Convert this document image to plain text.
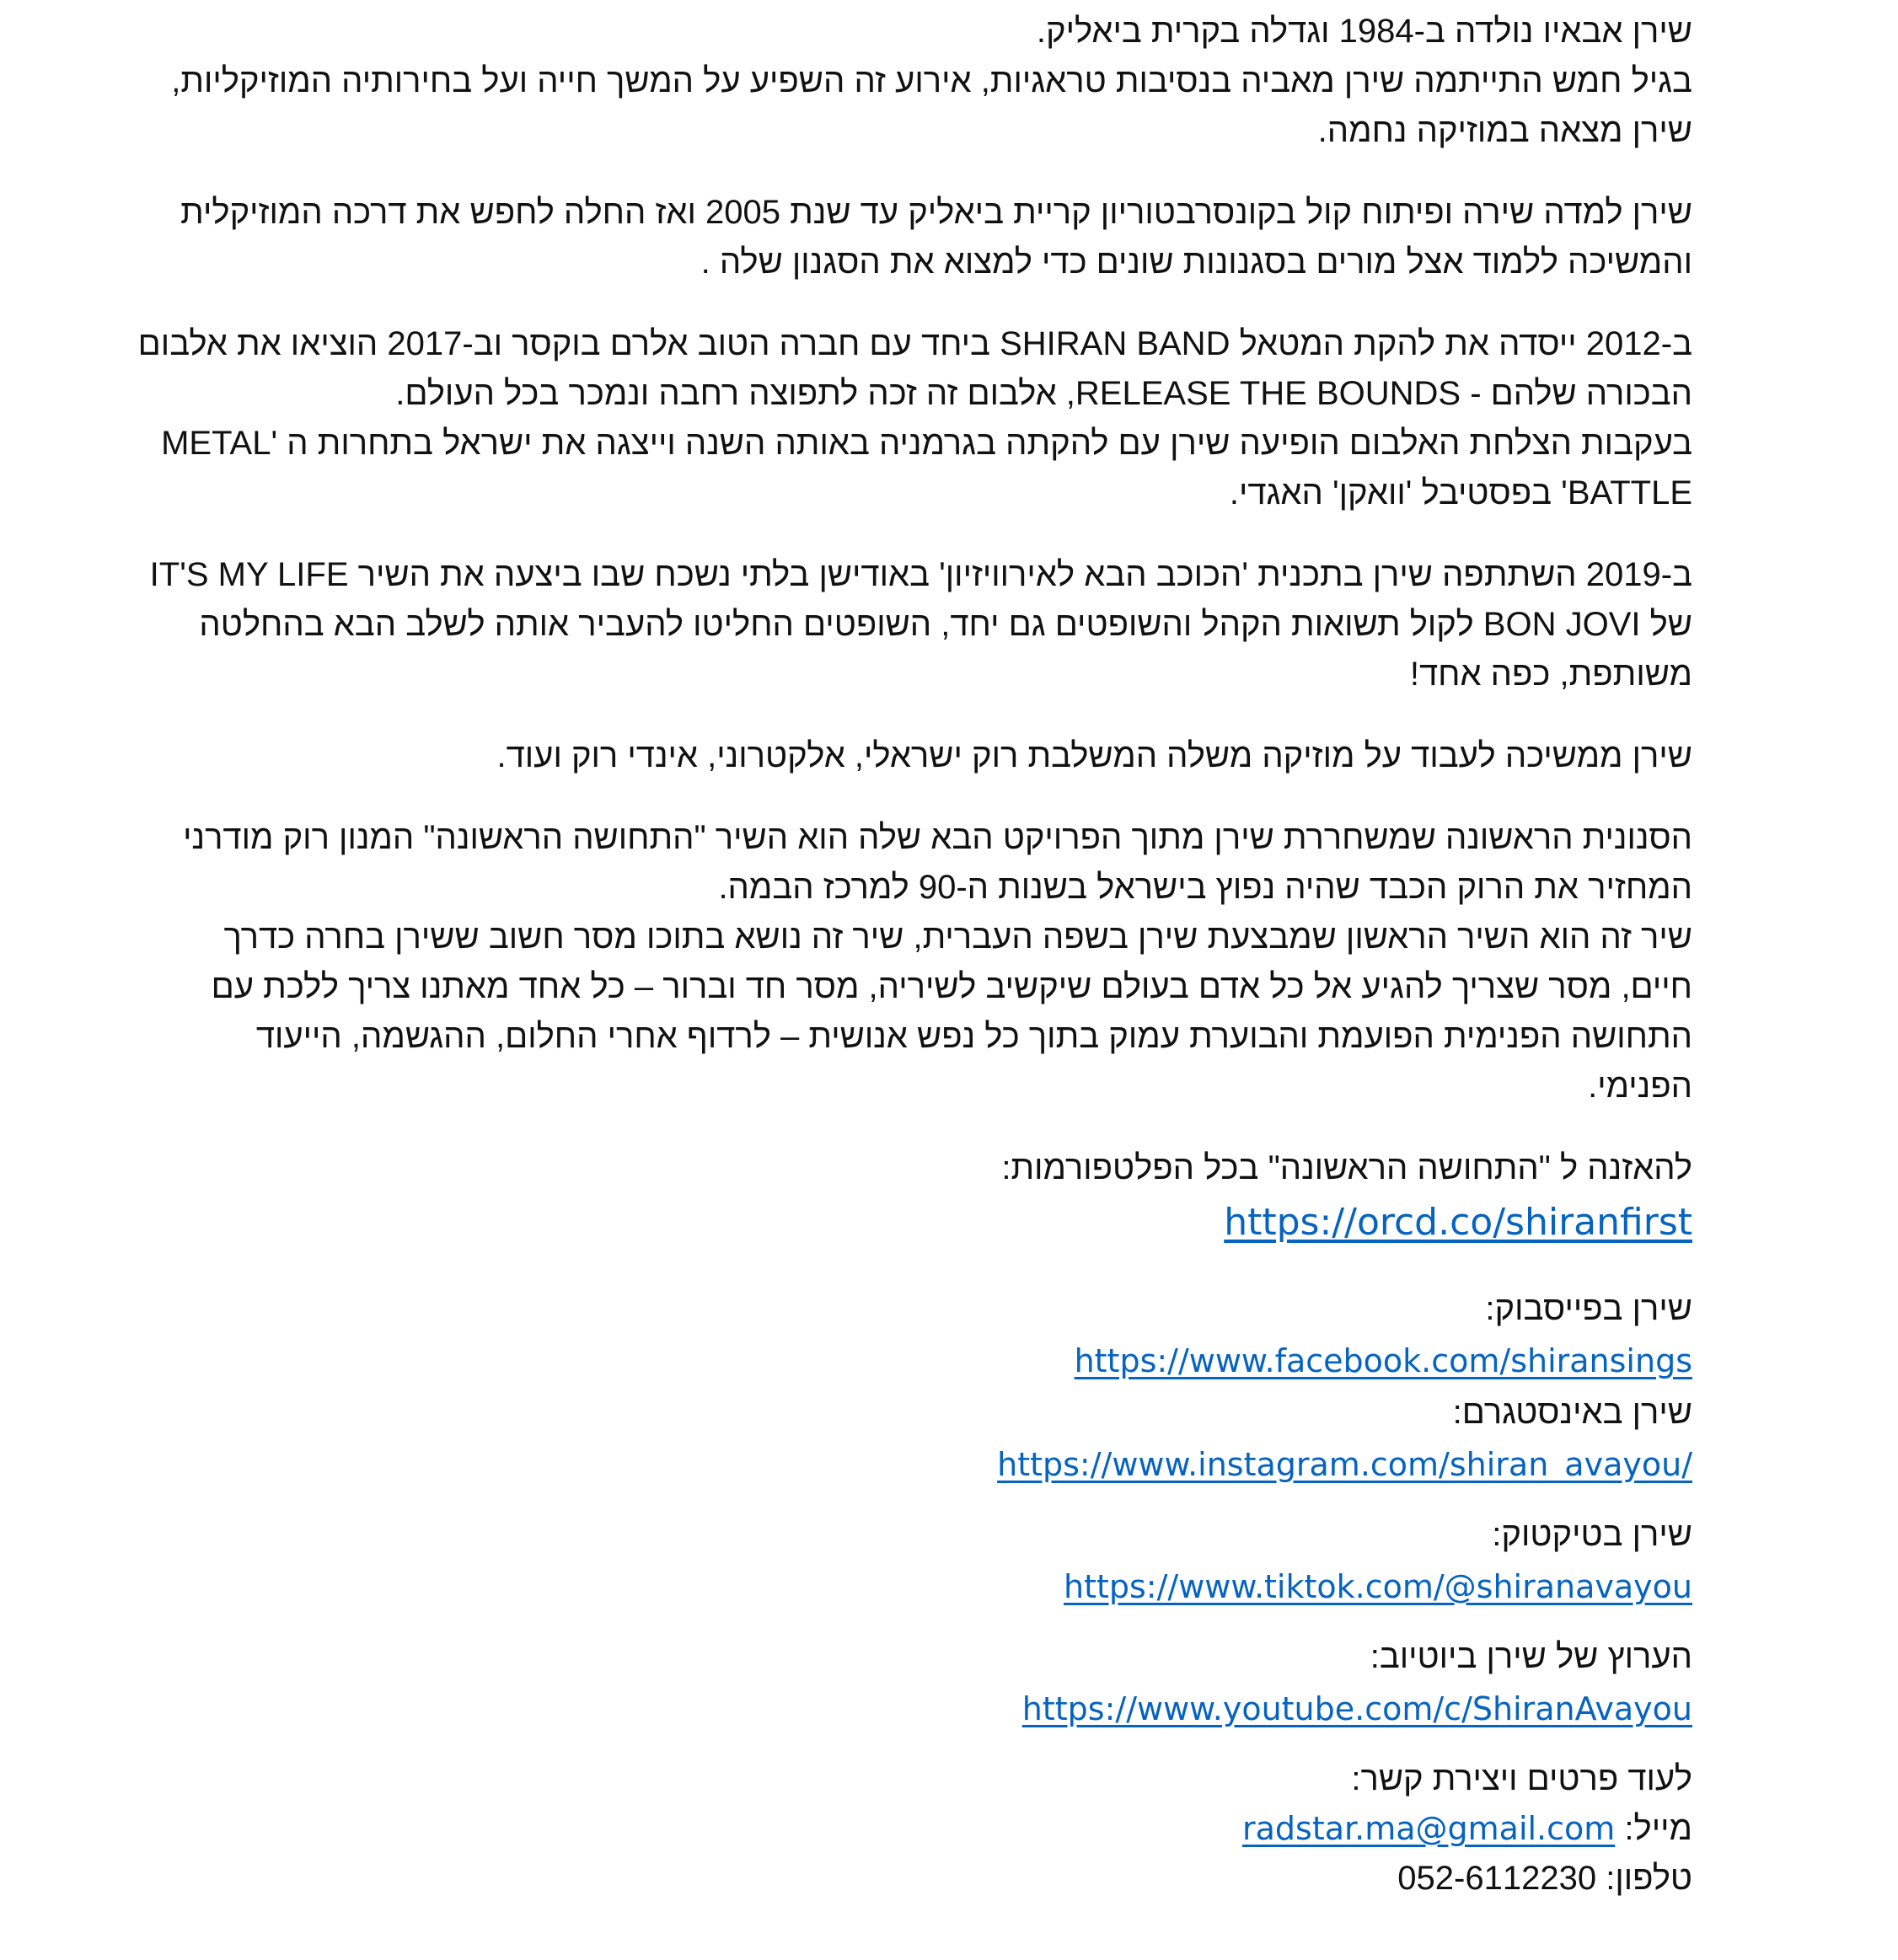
שירן אבאיו נולדה ב-1984 וגדלה בקרית ביאליק.
בגיל חמש התייתמה שירן מאביה בנסיבות טראגיות, אירוע זה השפיע על המשך חייה ועל בחירותיה המוזיקליות,
שירן מצאה במוזיקה נחמה.

שירן למדה שירה ופיתוח קול בקונסרבטוריון קריית ביאליק עד שנת 2005 ואז החלה לחפש את דרכה המוזיקלית
והמשיכה ללמוד אצל מורים בסגנונות שונים כדי למצוא את הסגנון שלה .

ב-2012 ייסדה את להקת המטאל SHIRAN BAND ביחד עם חברה הטוב אלרם בוקסר וב-2017 הוציאו את אלבום
הבכורה שלהם - RELEASE THE BOUNDS, אלבום זה זכה לתפוצה רחבה ונמכר בכל העולם.
בעקבות הצלחת האלבום הופיעה שירן עם להקתה בגרמניה באותה השנה וייצגה את ישראל בתחרות ה 'METAL
BATTLE' בפסטיבל 'וואקן' האגדי.

ב-2019 השתתפה שירן בתכנית 'הכוכב הבא לאירוויזיון' באודישן בלתי נשכח שבו ביצעה את השיר IT'S MY LIFE
של BON JOVI לקול תשואות הקהל והשופטים גם יחד, השופטים החליטו להעביר אותה לשלב הבא בהחלטה
משותפת, כפה אחד!

שירן ממשיכה לעבוד על מוזיקה משלה המשלבת רוק ישראלי, אלקטרוני, אינדי רוק ועוד.

הסנונית הראשונה שמשחררת שירן מתוך הפרויקט הבא שלה הוא השיר "התחושה הראשונה" המנון רוק מודרני
המחזיר את הרוק הכבד שהיה נפוץ בישראל בשנות ה-90 למרכז הבמה.
שיר זה הוא השיר הראשון שמבצעת שירן בשפה העברית, שיר זה נושא בתוכו מסר חשוב ששירן בחרה כדרך
חיים, מסר שצריך להגיע אל כל אדם בעולם שיקשיב לשיריה, מסר חד וברור – כל אחד מאתנו צריך ללכת עם
התחושה הפנימית הפועמת והבוערת עמוק בתוך כל נפש אנושית – לרדוף אחרי החלום, ההגשמה, הייעוד
הפנימי.

להאזנה ל "התחושה הראשונה" בכל הפלטפורמות:

https://orcd.co/shiranfirst

שירן בפייסבוק:

https://www.facebook.com/shiransings

שירן באינסטגרם:

/https://www.instagram.com/shiran_avayou

שירן בטיקטוק:

https://www.tiktok.com/@shiranavayou

הערוץ של שירן ביוטיוב:

https://www.youtube.com/c/ShiranAvayou

לעוד פרטים ויצירת קשר:

מייל: radstar.ma@gmail.com

טלפון: 052-6112230
